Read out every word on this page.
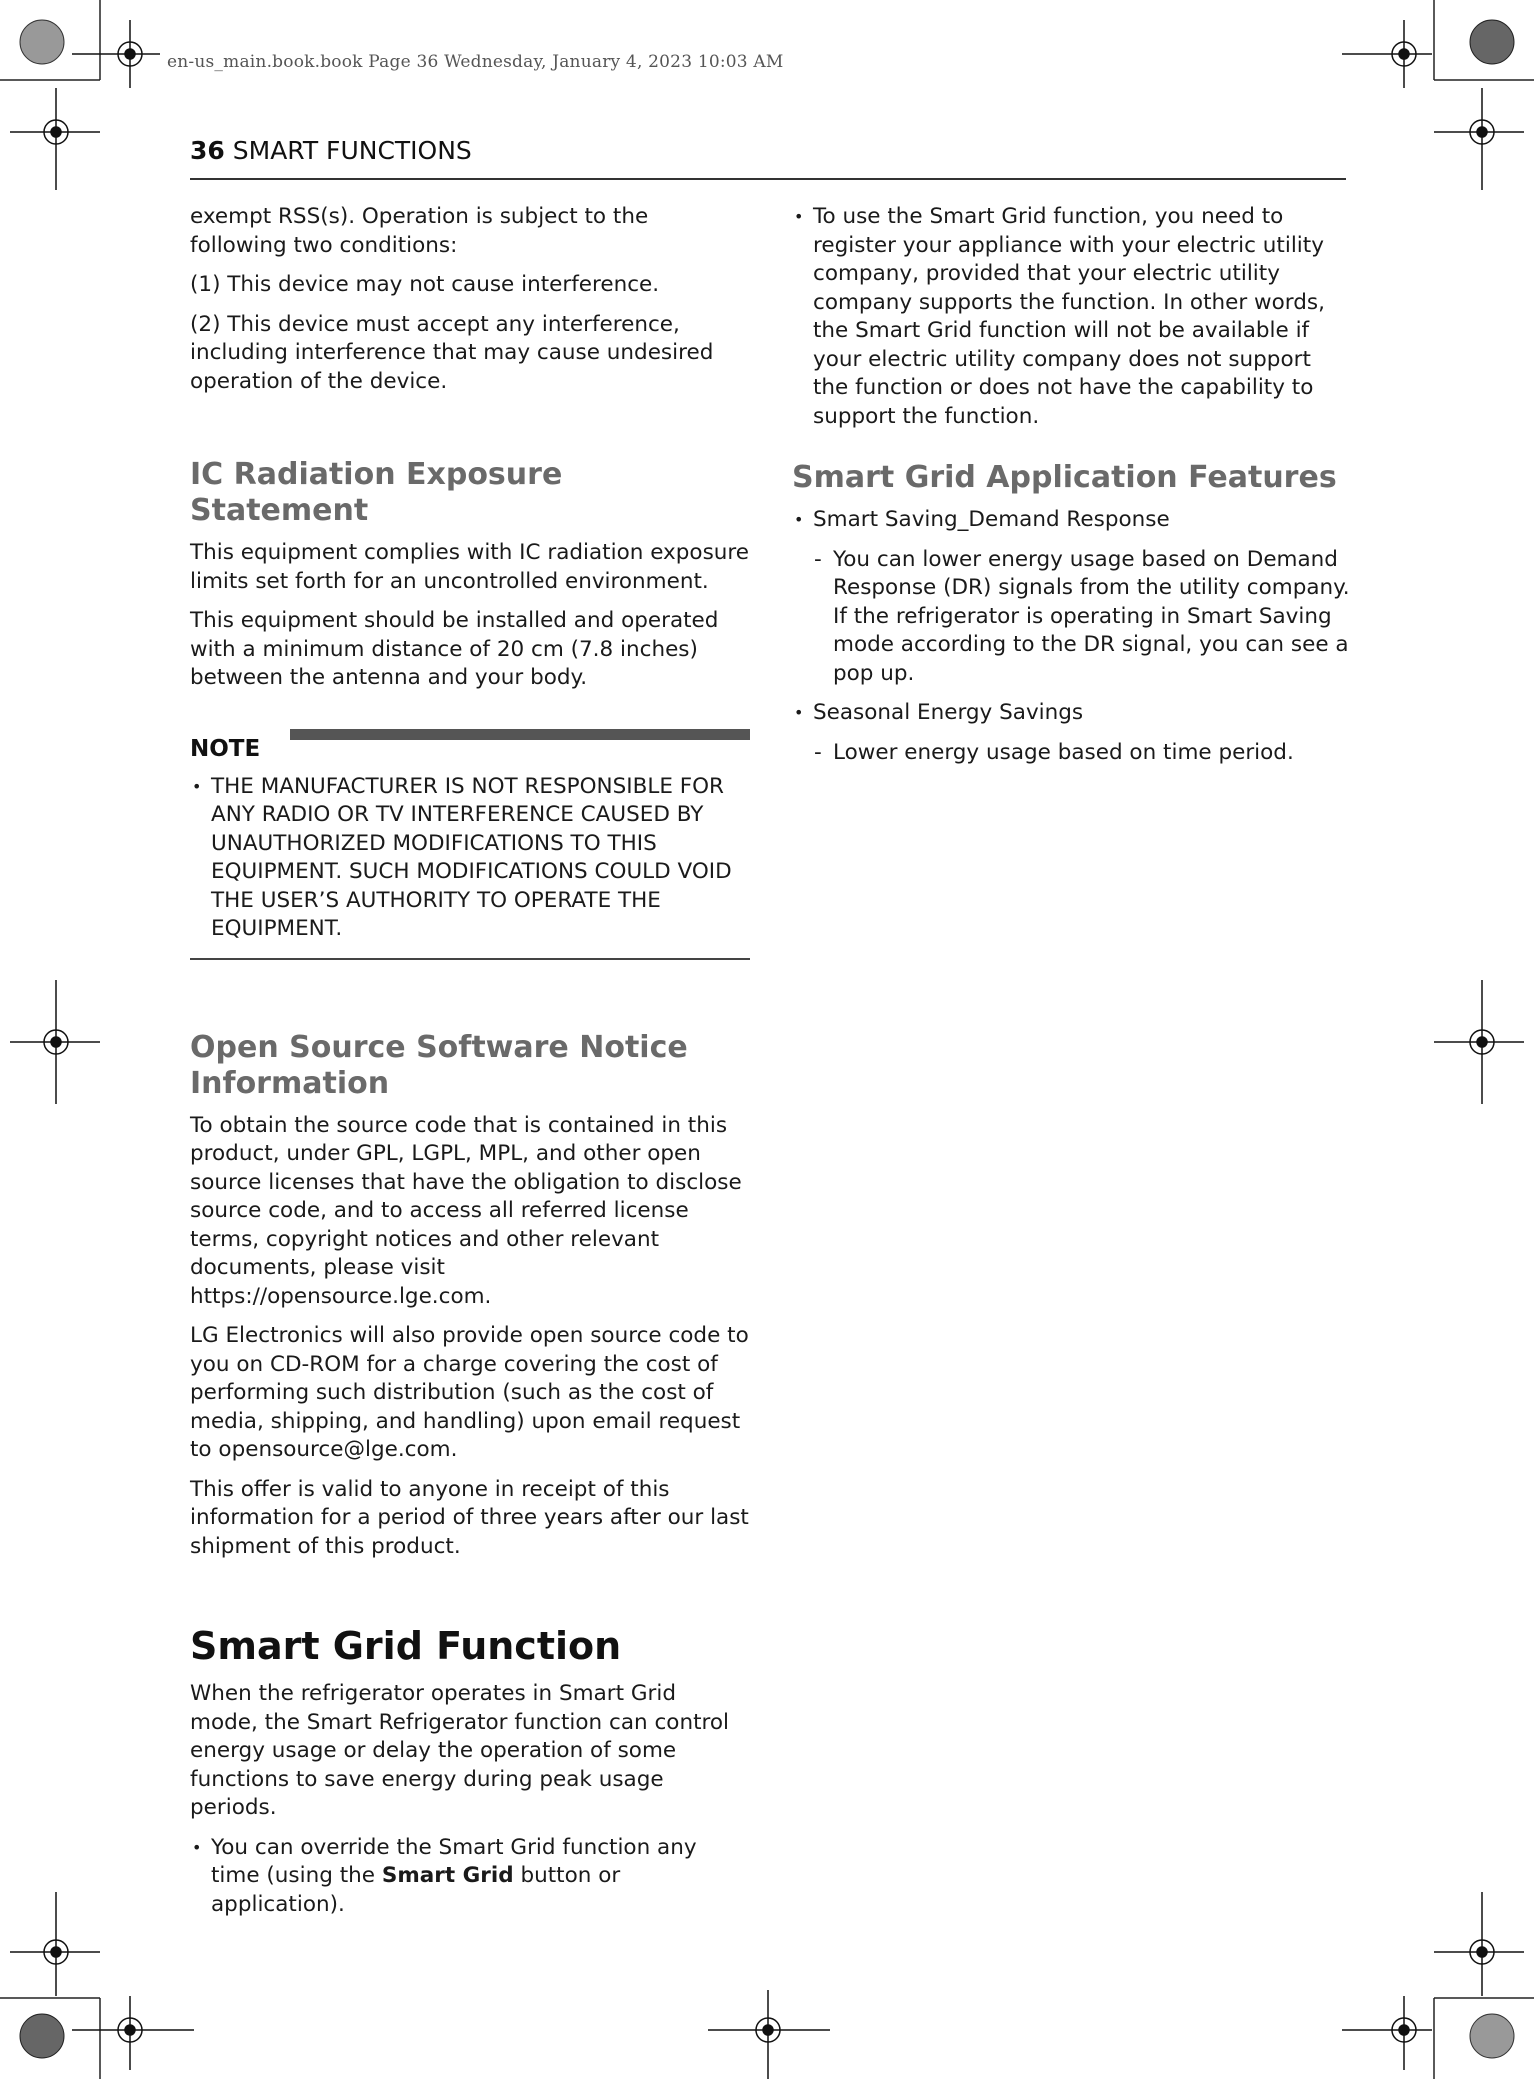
en-us_main.book.book Page 36 Wednesday, January 4, 2023 10:03 AM
36 SMART FUNCTIONS

exempt RSS(s). Operation is subject to the following two conditions:

(1) This device may not cause interference.

(2) This device must accept any interference, including interference that may cause undesired operation of the device.

IC Radiation Exposure Statement

This equipment complies with IC radiation exposure limits set forth for an uncontrolled environment.

This equipment should be installed and operated with a minimum distance of 20 cm (7.8 inches) between the antenna and your body.

NOTE

• THE MANUFACTURER IS NOT RESPONSIBLE FOR ANY RADIO OR TV INTERFERENCE CAUSED BY UNAUTHORIZED MODIFICATIONS TO THIS EQUIPMENT. SUCH MODIFICATIONS COULD VOID THE USER’S AUTHORITY TO OPERATE THE EQUIPMENT.

Open Source Software Notice Information

To obtain the source code that is contained in this product, under GPL, LGPL, MPL, and other open source licenses that have the obligation to disclose source code, and to access all referred license terms, copyright notices and other relevant documents, please visit https://opensource.lge.com.

LG Electronics will also provide open source code to you on CD-ROM for a charge covering the cost of performing such distribution (such as the cost of media, shipping, and handling) upon email request to opensource@lge.com.

This offer is valid to anyone in receipt of this information for a period of three years after our last shipment of this product.

Smart Grid Function

When the refrigerator operates in Smart Grid mode, the Smart Refrigerator function can control energy usage or delay the operation of some functions to save energy during peak usage periods.

• You can override the Smart Grid function any time (using the Smart Grid button or application).

• To use the Smart Grid function, you need to register your appliance with your electric utility company, provided that your electric utility company supports the function. In other words, the Smart Grid function will not be available if your electric utility company does not support the function or does not have the capability to support the function.

Smart Grid Application Features

• Smart Saving_Demand Response

- You can lower energy usage based on Demand Response (DR) signals from the utility company. If the refrigerator is operating in Smart Saving mode according to the DR signal, you can see a pop up.

• Seasonal Energy Savings

- Lower energy usage based on time period.
